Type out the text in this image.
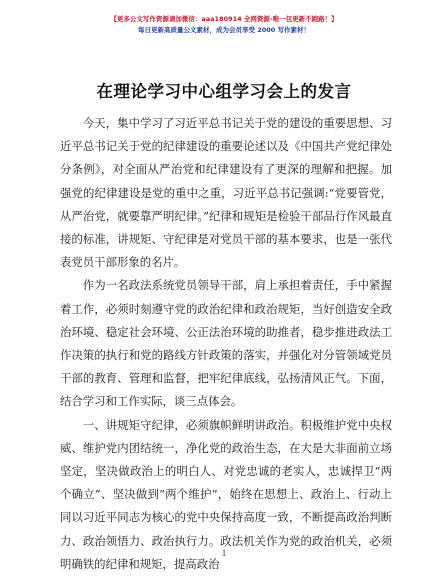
【更多公文写作资源请加微信：aaa180914 全网资源-唯一包更新不跑路！】
每日更新高质量公文素材，成为会员享受 2000 写作素材！
在理论学习中心组学习会上的发言

今天，集中学习了习近平总书记关于党的建设的重要思想、习近平总书记关于党的纪律建设的重要论述以及《中国共产党纪律处分条例》，对全面从严治党和纪律建设有了更深的理解和把握。加强党的纪律建设是党的重中之重，习近平总书记强调:“党要管党，从严治党，就要靠严明纪律。”纪律和规矩是检验干部品行作风最直接的标准，讲规矩、守纪律是对党员干部的基本要求，也是一张代表党员干部形象的名片。

作为一名政法系统党员领导干部，肩上承担着责任，手中紧握着工作，必须时刻遵守党的政治纪律和政治规矩，当好创造安全政治环境、稳定社会环境、公正法治环境的助推者，稳步推进政法工作决策的执行和党的路线方针政策的落实，并强化对分管领域党员干部的教育、管理和监督，把牢纪律底线，弘扬清风正气。下面，结合学习和工作实际，谈三点体会。

一、讲规矩守纪律，必须旗帜鲜明讲政治。积极维护党中央权威、维护党内团结统一，净化党的政治生态，在大是大非面前立场坚定，坚决做政治上的明白人、对党忠诚的老实人，忠诚捍卫“两个确立”、坚决做到“两个维护”，始终在思想上、政治上、行动上同以习近平同志为核心的党中央保持高度一致，不断提高政治判断力、政治领悟力、政治执行力。政法机关作为党的政治机关，必须明确铁的纪律和规矩，提高政治

1
